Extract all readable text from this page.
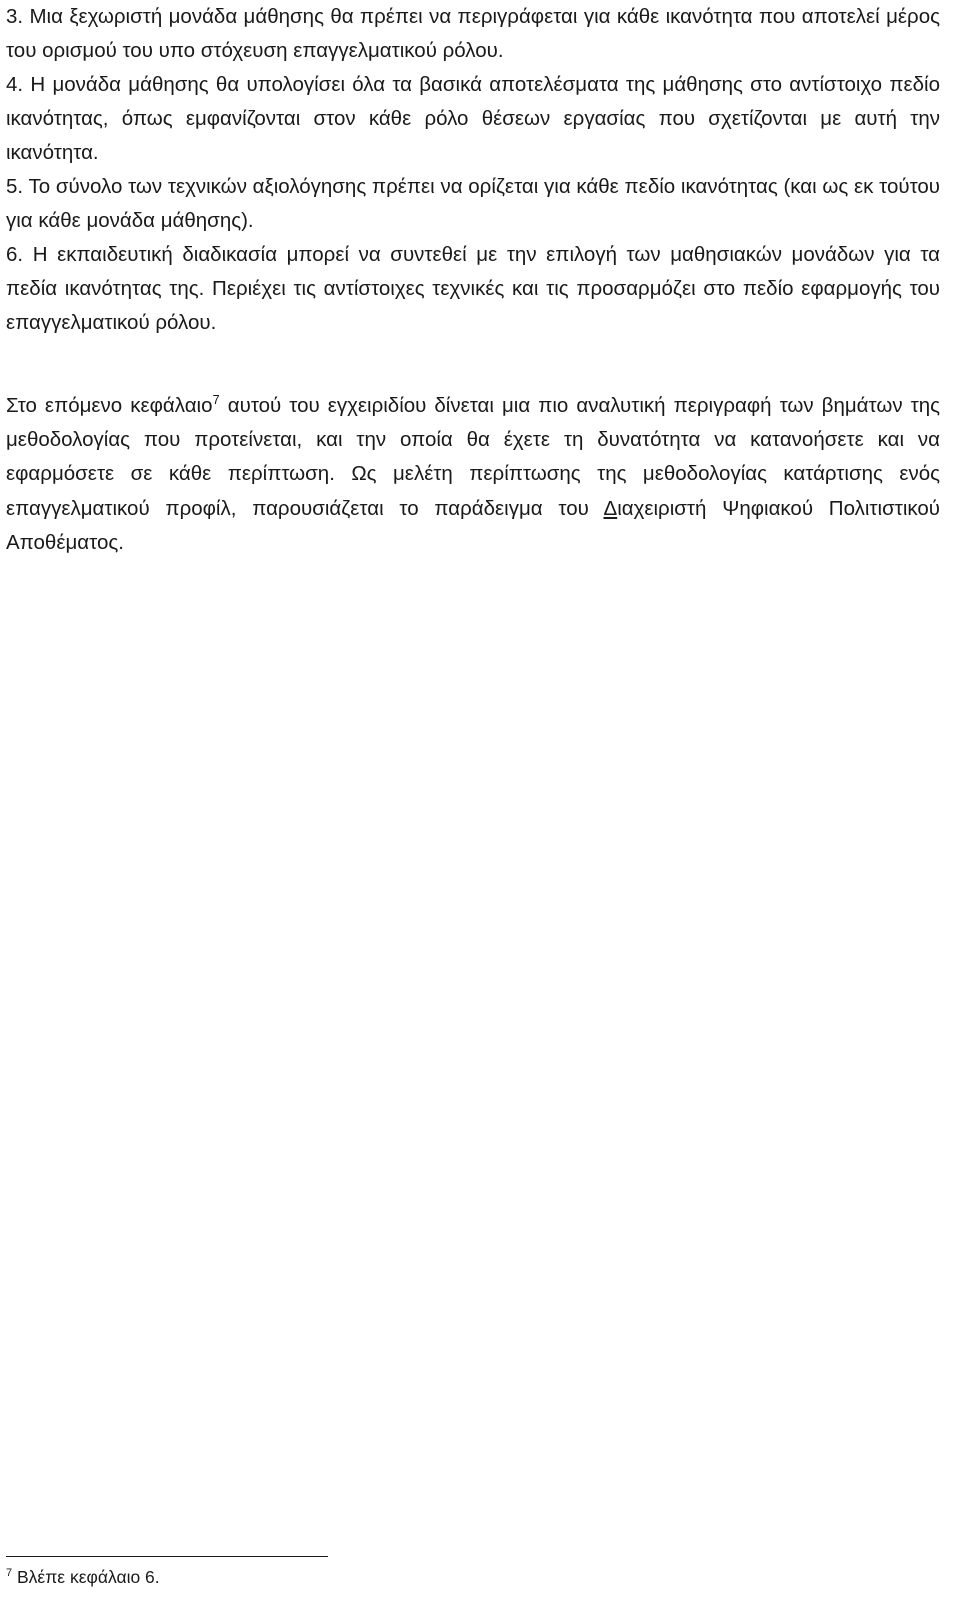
3. Μια ξεχωριστή μονάδα μάθησης θα πρέπει να περιγράφεται για κάθε ικανότητα που αποτελεί μέρος του ορισμού του υπο στόχευση επαγγελματικού ρόλου.

4. Η μονάδα μάθησης θα υπολογίσει όλα τα βασικά αποτελέσματα της μάθησης στο αντίστοιχο πεδίο ικανότητας, όπως εμφανίζονται στον κάθε ρόλο θέσεων εργασίας που σχετίζονται με αυτή την ικανότητα.

5. Το σύνολο των τεχνικών αξιολόγησης πρέπει να ορίζεται για κάθε πεδίο ικανότητας (και ως εκ τούτου για κάθε μονάδα μάθησης).

6. Η εκπαιδευτική διαδικασία μπορεί να συντεθεί με την επιλογή των μαθησιακών μονάδων για τα πεδία ικανότητας της. Περιέχει τις αντίστοιχες τεχνικές και τις προσαρμόζει στο πεδίο εφαρμογής του επαγγελματικού ρόλου.

Στο επόμενο κεφάλαιο$^7$ αυτού του εγχειριδίου δίνεται μια πιο αναλυτική περιγραφή των βημάτων της μεθοδολογίας που προτείνεται, και την οποία θα έχετε τη δυνατότητα να κατανοήσετε και να εφαρμόσετε σε κάθε περίπτωση. Ως μελέτη περίπτωσης της μεθοδολογίας κατάρτισης ενός επαγγελματικού προφίλ, παρουσιάζεται το παράδειγμα του Διαχειριστή Ψηφιακού Πολιτιστικού Αποθέματος.

$^7$ Βλέπε κεφάλαιο 6.
